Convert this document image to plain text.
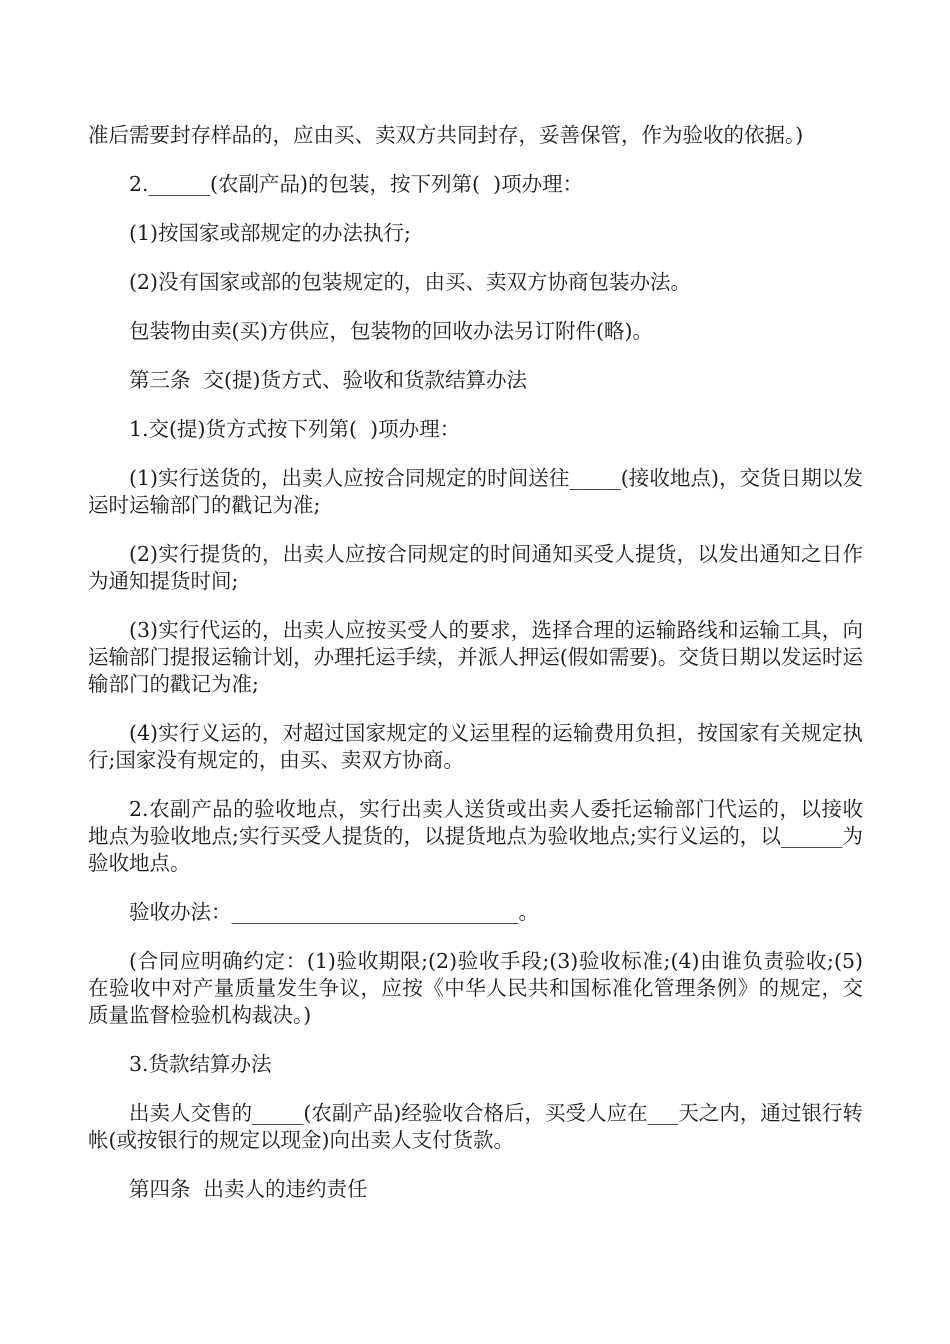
准后需要封存样品的，应由买、卖双方共同封存，妥善保管，作为验收的依据。)

2.______(农副产品)的包装，按下列第(  )项办理：

(1)按国家或部规定的办法执行;

(2)没有国家或部的包装规定的，由买、卖双方协商包装办法。

包装物由卖(买)方供应，包装物的回收办法另订附件(略)。

第三条  交(提)货方式、验收和货款结算办法

1.交(提)货方式按下列第(  )项办理：

(1)实行送货的，出卖人应按合同规定的时间送往_____(接收地点)，交货日期以发运时运输部门的戳记为准;

(2)实行提货的，出卖人应按合同规定的时间通知买受人提货，以发出通知之日作为通知提货时间;

(3)实行代运的，出卖人应按买受人的要求，选择合理的运输路线和运输工具，向运输部门提报运输计划，办理托运手续，并派人押运(假如需要)。交货日期以发运时运输部门的戳记为准;

(4)实行义运的，对超过国家规定的义运里程的运输费用负担，按国家有关规定执行;国家没有规定的，由买、卖双方协商。

2.农副产品的验收地点，实行出卖人送货或出卖人委托运输部门代运的，以接收地点为验收地点;实行买受人提货的，以提货地点为验收地点;实行义运的，以______为验收地点。

验收办法：____________________________。

(合同应明确约定：(1)验收期限;(2)验收手段;(3)验收标准;(4)由谁负责验收;(5)在验收中对产量质量发生争议，应按《中华人民共和国标准化管理条例》的规定，交质量监督检验机构裁决。)

3.货款结算办法

出卖人交售的_____(农副产品)经验收合格后，买受人应在___天之内，通过银行转帐(或按银行的规定以现金)向出卖人支付货款。

第四条  出卖人的违约责任
